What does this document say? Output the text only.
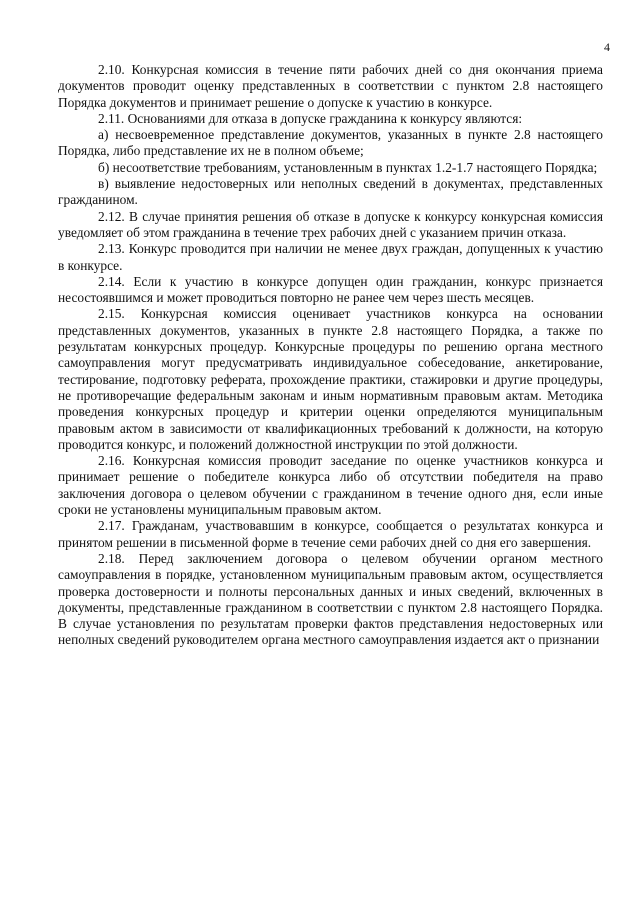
4

2.10. Конкурсная комиссия в течение пяти рабочих дней со дня окончания приема документов проводит оценку представленных в соответствии с пунктом 2.8 настоящего Порядка документов и принимает решение о допуске к участию в конкурсе.

2.11. Основаниями для отказа в допуске гражданина к конкурсу являются:

а) несвоевременное представление документов, указанных в пункте 2.8 настоящего Порядка, либо представление их не в полном объеме;

б) несоответствие требованиям, установленным в пунктах 1.2-1.7 настоящего Порядка;

в) выявление недостоверных или неполных сведений в документах, представленных гражданином.

2.12. В случае принятия решения об отказе в допуске к конкурсу конкурсная комиссия уведомляет об этом гражданина в течение трех рабочих дней с указанием причин отказа.

2.13. Конкурс проводится при наличии не менее двух граждан, допущенных к участию в конкурсе.

2.14. Если к участию в конкурсе допущен один гражданин, конкурс признается несостоявшимся и может проводиться повторно не ранее чем через шесть месяцев.

2.15. Конкурсная комиссия оценивает участников конкурса на основании представленных документов, указанных в пункте 2.8 настоящего Порядка, а также по результатам конкурсных процедур. Конкурсные процедуры по решению органа местного самоуправления могут предусматривать индивидуальное собеседование, анкетирование, тестирование, подготовку реферата, прохождение практики, стажировки и другие процедуры, не противоречащие федеральным законам и иным нормативным правовым актам. Методика проведения конкурсных процедур и критерии оценки определяются муниципальным правовым актом в зависимости от квалификационных требований к должности, на которую проводится конкурс, и положений должностной инструкции по этой должности.

2.16. Конкурсная комиссия проводит заседание по оценке участников конкурса и принимает решение о победителе конкурса либо об отсутствии победителя на право заключения договора о целевом обучении с гражданином в течение одного дня, если иные сроки не установлены муниципальным правовым актом.

2.17. Гражданам, участвовавшим в конкурсе, сообщается о результатах конкурса и принятом решении в письменной форме в течение семи рабочих дней со дня его завершения.

2.18. Перед заключением договора о целевом обучении органом местного самоуправления в порядке, установленном муниципальным правовым актом, осуществляется проверка достоверности и полноты персональных данных и иных сведений, включенных в документы, представленные гражданином в соответствии с пунктом 2.8 настоящего Порядка. В случае установления по результатам проверки фактов представления недостоверных или неполных сведений руководителем органа местного самоуправления издается акт о признании
